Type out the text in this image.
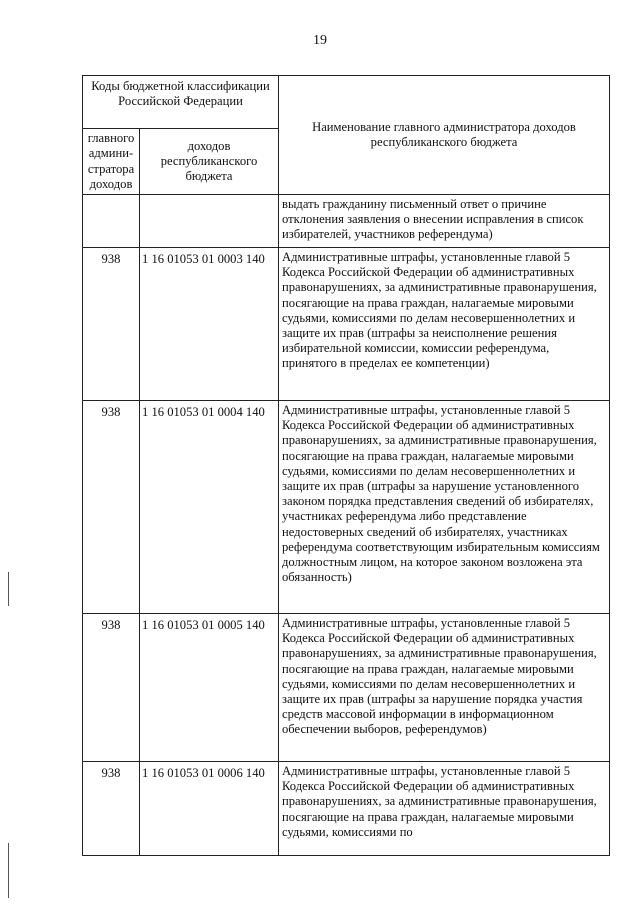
19
Коды бюджетной классификации Российской Федерации		Наименование главного администратора доходов республиканского бюджета
главного админи-стратора доходов	доходов республиканского бюджета	
		выдать гражданину письменный ответ о причине отклонения заявления о внесении исправления в список избирателей, участников референдума)
938	1 16 01053 01 0003 140	Административные штрафы, установленные главой 5 Кодекса Российской Федерации об административных правонарушениях, за административные правонарушения, посягающие на права граждан, налагаемые мировыми судьями, комиссиями по делам несовершеннолетних и защите их прав (штрафы за неисполнение решения избирательной комиссии, комиссии референдума, принятого в пределах ее компетенции)
938	1 16 01053 01 0004 140	Административные штрафы, установленные главой 5 Кодекса Российской Федерации об административных правонарушениях, за административные правонарушения, посягающие на права граждан, налагаемые мировыми судьями, комиссиями по делам несовершеннолетних и защите их прав (штрафы за нарушение установленного законом порядка представления сведений об избирателях, участниках референдума либо представление недостоверных сведений об избирателях, участниках референдума соответствующим избирательным комиссиям должностным лицом, на которое законом возложена эта обязанность)
938	1 16 01053 01 0005 140	Административные штрафы, установленные главой 5 Кодекса Российской Федерации об административных правонарушениях, за административные правонарушения, посягающие на права граждан, налагаемые мировыми судьями, комиссиями по делам несовершеннолетних и защите их прав (штрафы за нарушение порядка участия средств массовой информации в информационном обеспечении выборов, референдумов)
938	1 16 01053 01 0006 140	Административные штрафы, установленные главой 5 Кодекса Российской Федерации об административных правонарушениях, за административные правонарушения, посягающие на права граждан, налагаемые мировыми судьями, комиссиями по
